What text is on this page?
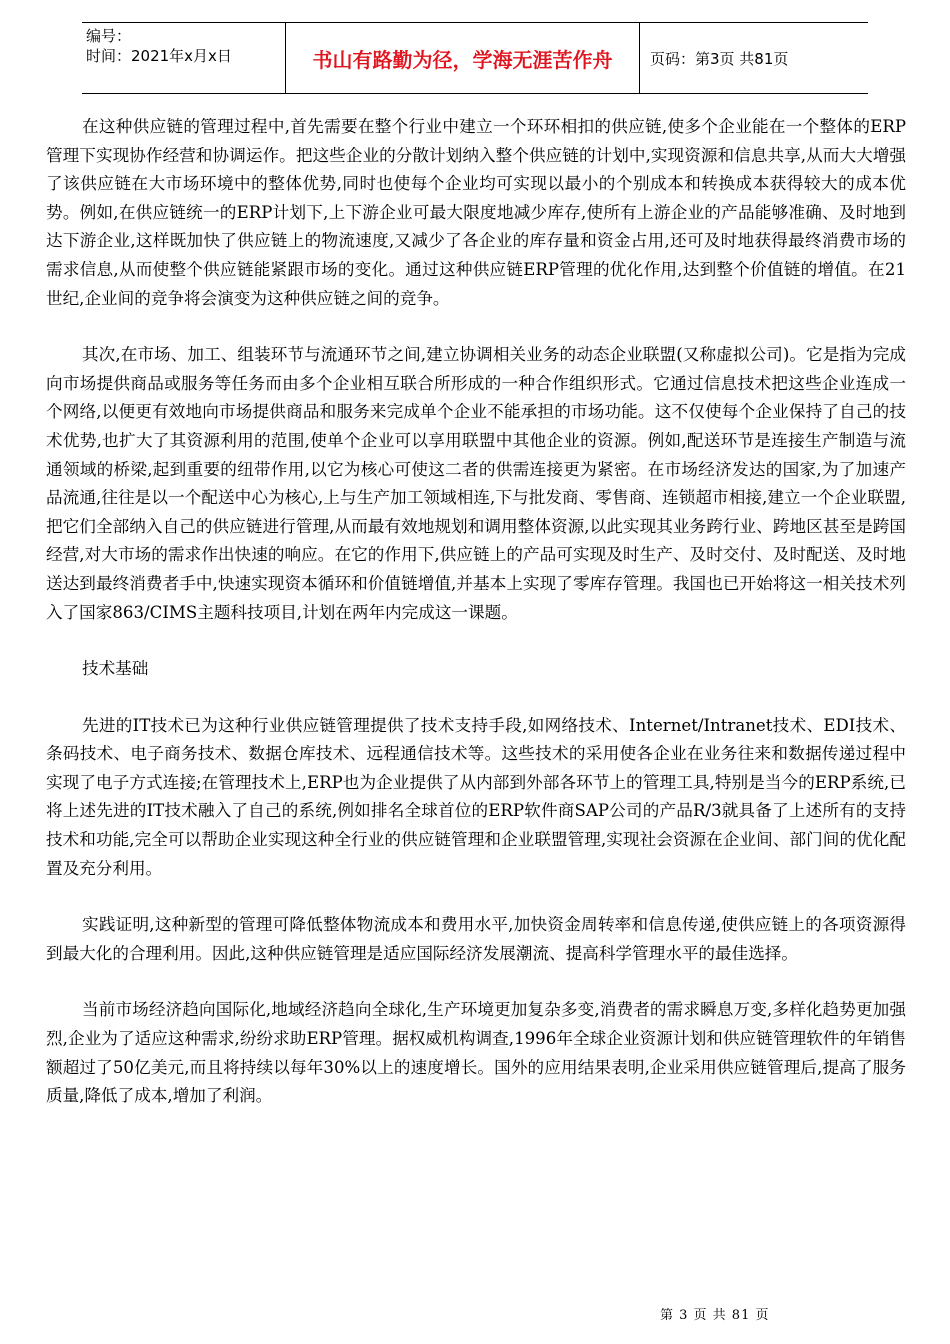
编号：
时间：2021年x月x日	书山有路勤为径，学海无涯苦作舟	页码：第3页 共81页

在这种供应链的管理过程中,首先需要在整个行业中建立一个环环相扣的供应链,使多个企业能在一个整体的ERP管理下实现协作经营和协调运作。把这些企业的分散计划纳入整个供应链的计划中,实现资源和信息共享,从而大大增强了该供应链在大市场环境中的整体优势,同时也使每个企业均可实现以最小的个别成本和转换成本获得较大的成本优势。例如,在供应链统一的ERP计划下,上下游企业可最大限度地减少库存,使所有上游企业的产品能够准确、及时地到达下游企业,这样既加快了供应链上的物流速度,又减少了各企业的库存量和资金占用,还可及时地获得最终消费市场的需求信息,从而使整个供应链能紧跟市场的变化。通过这种供应链ERP管理的优化作用,达到整个价值链的增值。在21世纪,企业间的竞争将会演变为这种供应链之间的竞争。

其次,在市场、加工、组装环节与流通环节之间,建立协调相关业务的动态企业联盟(又称虚拟公司)。它是指为完成向市场提供商品或服务等任务而由多个企业相互联合所形成的一种合作组织形式。它通过信息技术把这些企业连成一个网络,以便更有效地向市场提供商品和服务来完成单个企业不能承担的市场功能。这不仅使每个企业保持了自己的技术优势,也扩大了其资源利用的范围,使单个企业可以享用联盟中其他企业的资源。例如,配送环节是连接生产制造与流通领域的桥梁,起到重要的纽带作用,以它为核心可使这二者的供需连接更为紧密。在市场经济发达的国家,为了加速产品流通,往往是以一个配送中心为核心,上与生产加工领域相连,下与批发商、零售商、连锁超市相接,建立一个企业联盟,把它们全部纳入自己的供应链进行管理,从而最有效地规划和调用整体资源,以此实现其业务跨行业、跨地区甚至是跨国经营,对大市场的需求作出快速的响应。在它的作用下,供应链上的产品可实现及时生产、及时交付、及时配送、及时地送达到最终消费者手中,快速实现资本循环和价值链增值,并基本上实现了零库存管理。我国也已开始将这一相关技术列入了国家863/CIMS主题科技项目,计划在两年内完成这一课题。

技术基础

先进的IT技术已为这种行业供应链管理提供了技术支持手段,如网络技术、Internet/Intranet技术、EDI技术、条码技术、电子商务技术、数据仓库技术、远程通信技术等。这些技术的采用使各企业在业务往来和数据传递过程中实现了电子方式连接;在管理技术上,ERP也为企业提供了从内部到外部各环节上的管理工具,特别是当今的ERP系统,已将上述先进的IT技术融入了自己的系统,例如排名全球首位的ERP软件商SAP公司的产品R/3就具备了上述所有的支持技术和功能,完全可以帮助企业实现这种全行业的供应链管理和企业联盟管理,实现社会资源在企业间、部门间的优化配置及充分利用。

实践证明,这种新型的管理可降低整体物流成本和费用水平,加快资金周转率和信息传递,使供应链上的各项资源得到最大化的合理利用。因此,这种供应链管理是适应国际经济发展潮流、提高科学管理水平的最佳选择。

当前市场经济趋向国际化,地域经济趋向全球化,生产环境更加复杂多变,消费者的需求瞬息万变,多样化趋势更加强烈,企业为了适应这种需求,纷纷求助ERP管理。据权威机构调查,1996年全球企业资源计划和供应链管理软件的年销售额超过了50亿美元,而且将持续以每年30%以上的速度增长。国外的应用结果表明,企业采用供应链管理后,提高了服务质量,降低了成本,增加了利润。

第 3 页 共 81 页
